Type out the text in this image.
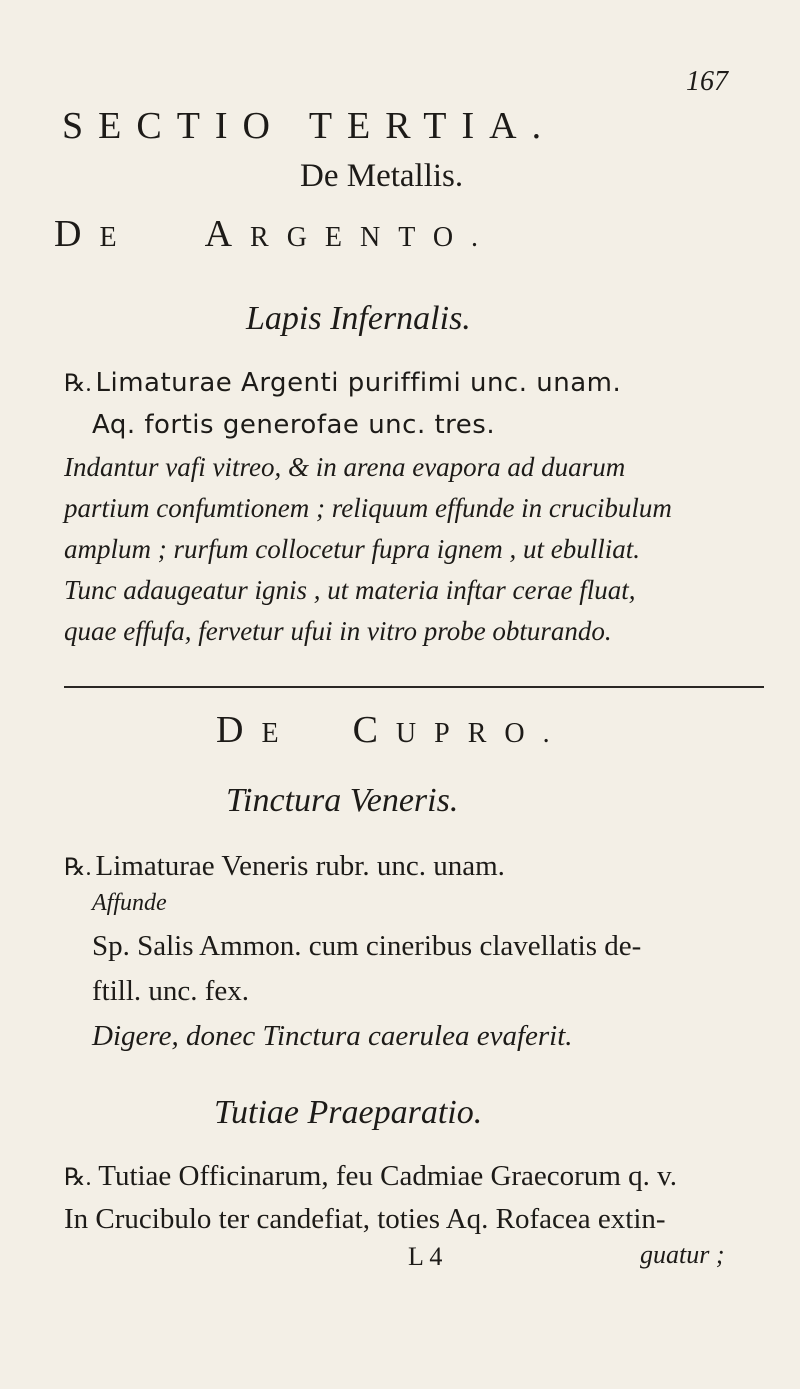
167
SECTIO TERTIA.
De Metallis.
DE ARGENTO.
Lapis Infernalis.
℞. Limaturae Argenti puriffimi unc. unam.
Aq. fortis generofae unc. tres.
Indantur vafi vitreo, & in arena evapora ad duarum
partium confumtionem ; reliquum effunde in crucibulum
amplum ; rurfum collocetur fupra ignem , ut ebulliat.
Tunc adaugeatur ignis , ut materia inftar cerae fluat,
quae effufa, fervetur ufui in vitro probe obturando.
DE CUPRO.
Tinctura Veneris.
℞. Limaturae Veneris rubr. unc. unam.
Affunde
Sp. Salis Ammon. cum cineribus clavellatis de-
ftill. unc. fex.
Digere, donec Tinctura caerulea evaferit.
Tutiae Praeparatio.
℞. Tutiae Officinarum, feu Cadmiae Graecorum q. v.
In Crucibulo ter candefiat, toties Aq. Rofacea extin-
L 4	guatur ;
